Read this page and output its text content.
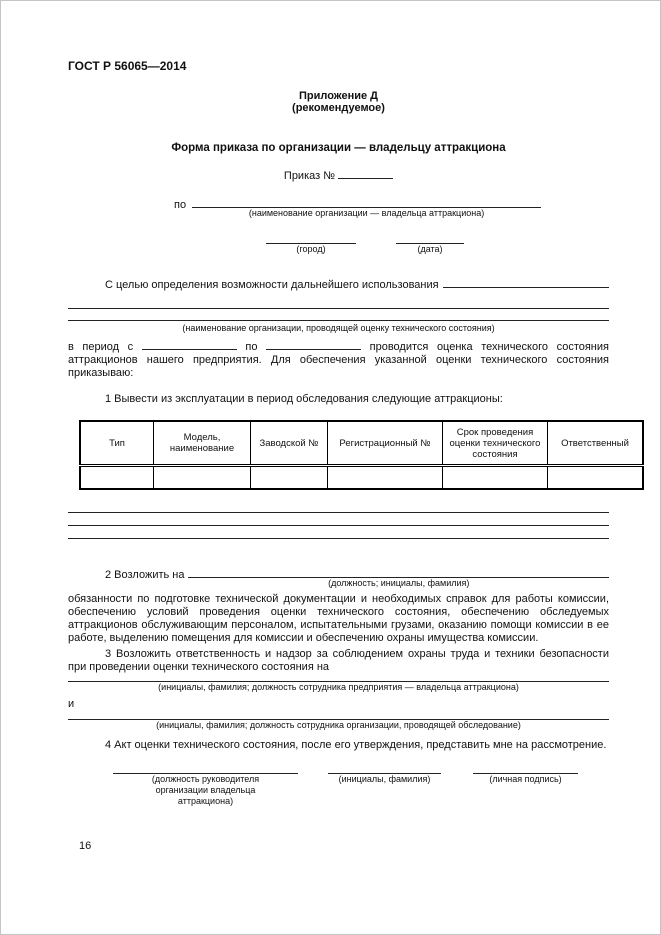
ГОСТ Р 56065—2014
Приложение Д
(рекомендуемое)
Форма приказа по организации — владельцу аттракциона
Приказ №
по
(наименование организации — владельца аттракциона)
(город)	(дата)
С целью определения возможности дальнейшего использования
(наименование организации, проводящей оценку технического состояния)

в период с	по	проводится оценка технического состояния аттракционов нашего предприятия. Для обеспечения указанной оценки технического состояния приказываю:

1 Вывести из эксплуатации в период обследования следующие аттракционы:

Тип	Модель, наименование	Заводской №	Регистрационный №	Срок проведения оценки технического состояния	Ответственный

2 Возложить на
(должность; инициалы, фамилия)

обязанности по подготовке технической документации и необходимых справок для работы комиссии, обеспечению условий проведения оценки технического состояния, обеспечению обследуемых аттракционов обслуживающим персоналом, испытательными грузами, оказанию помощи комиссии в ее работе, выделению помещения для комиссии и обеспечению охраны имущества комиссии.

3 Возложить ответственность и надзор за соблюдением охраны труда и техники безопасности при проведении оценки технического состояния на

(инициалы, фамилия; должность сотрудника предприятия — владельца аттракциона)
и
(инициалы, фамилия; должность сотрудника организации, проводящей обследование)

4 Акт оценки технического состояния, после его утверждения, представить мне на рассмотрение.

(должность руководителя организации владельца аттракциона)
(инициалы, фамилия)	(личная подпись)
16
